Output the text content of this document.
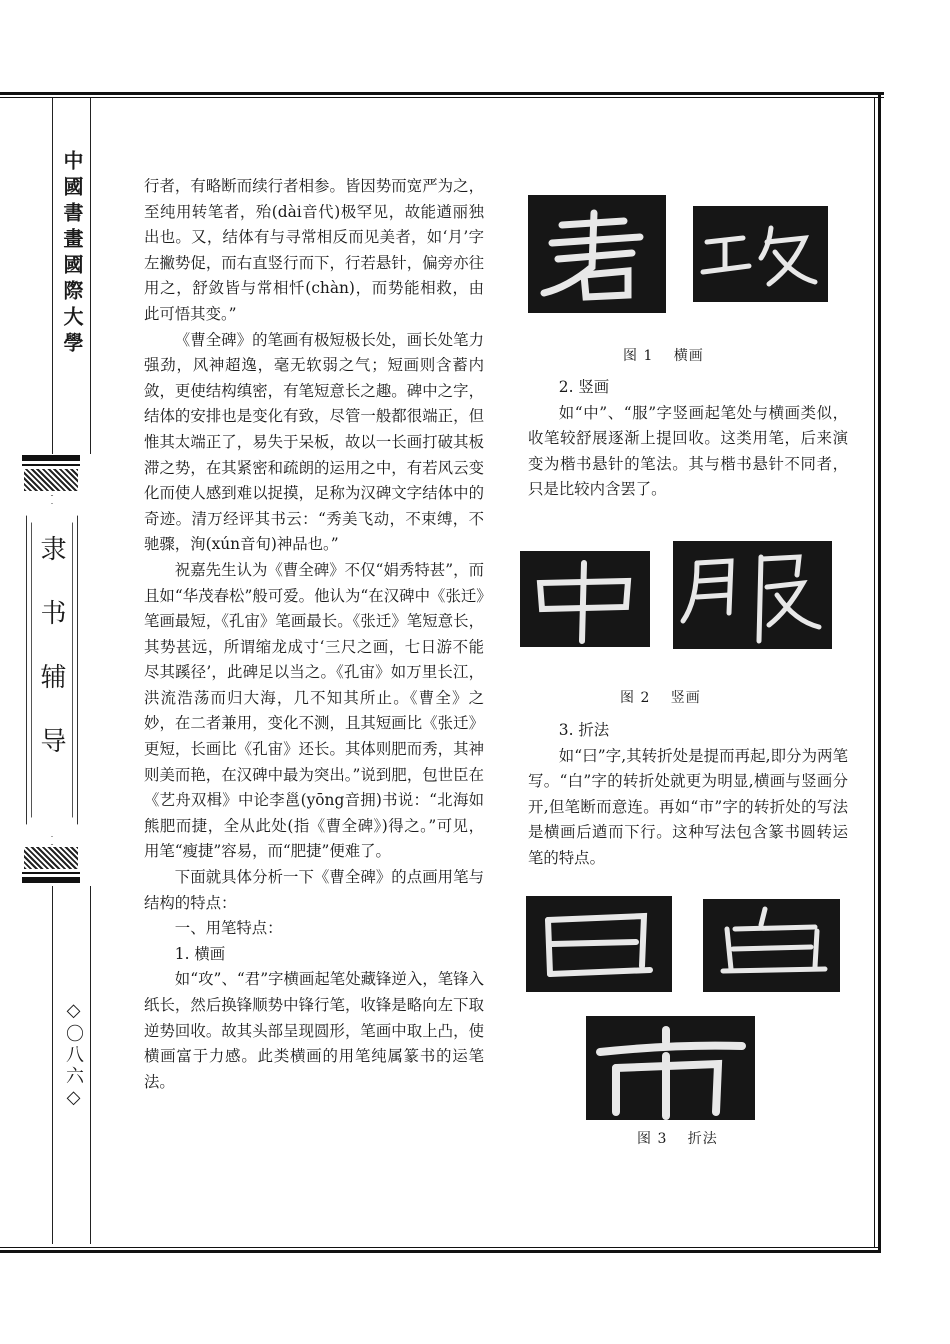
中國書畫國際大學
隶书辅导
◇〇八六◇

行者，有略断而续行者相参。皆因势而宽严为之，至纯用转笔者，殆(dài音代)极罕见，故能遒丽独出也。又，结体有与寻常相反而见美者，如‘月’字左撇势促，而右直竖行而下，行若悬针，偏旁亦往用之，舒敛皆与常相忏(chàn)，而势能相救，由此可悟其变。”

《曹全碑》的笔画有极短极长处，画长处笔力强劲，风神超逸，毫无软弱之气；短画则含蓄内敛，更使结构缜密，有笔短意长之趣。碑中之字，结体的安排也是变化有致，尽管一般都很端正，但惟其太端正了，易失于呆板，故以一长画打破其板滞之势，在其紧密和疏朗的运用之中，有若风云变化而使人感到难以捉摸，足称为汉碑文字结体中的奇迹。清万经评其书云：“秀美飞动，不束缚，不驰骤，洵(xún音旬)神品也。”

祝嘉先生认为《曹全碑》不仅“娟秀特甚”，而且如“华茂春松”般可爱。他认为“在汉碑中《张迁》笔画最短，《孔宙》笔画最长。《张迁》笔短意长，其势甚远，所谓缩龙成寸‘三尺之画，七日游不能尽其蹊径’，此碑足以当之。《孔宙》如万里长江，洪流浩荡而归大海，几不知其所止。《曹全》之妙，在二者兼用，变化不测，且其短画比《张迁》更短，长画比《孔宙》还长。其体则肥而秀，其神则美而艳，在汉碑中最为突出。”说到肥，包世臣在《艺舟双楫》中论李邕(yōng音拥)书说：“北海如熊肥而捷，全从此处(指《曹全碑》)得之。”可见，用笔“瘦捷”容易，而“肥捷”便难了。

下面就具体分析一下《曹全碑》的点画用笔与结构的特点：

一、用笔特点：

1. 横画

如“攻”、“君”字横画起笔处藏锋逆入，笔锋入纸长，然后换锋顺势中锋行笔，收锋是略向左下取逆势回收。故其头部呈现圆形，笔画中取上凸，使横画富于力感。此类横画的用笔纯属篆书的运笔法。

图 1　 横画

2. 竖画

如“中”、“服”字竖画起笔处与横画类似，收笔较舒展逐渐上提回收。这类用笔，后来演变为楷书悬针的笔法。其与楷书悬针不同者，只是比较内含罢了。

图 2　 竖画

3. 折法

如“曰”字,其转折处是提而再起,即分为两笔写。“白”字的转折处就更为明显,横画与竖画分开,但笔断而意连。再如“市”字的转折处的写法是横画后遒而下行。这种写法包含篆书圆转运笔的特点。

图 3　 折法
